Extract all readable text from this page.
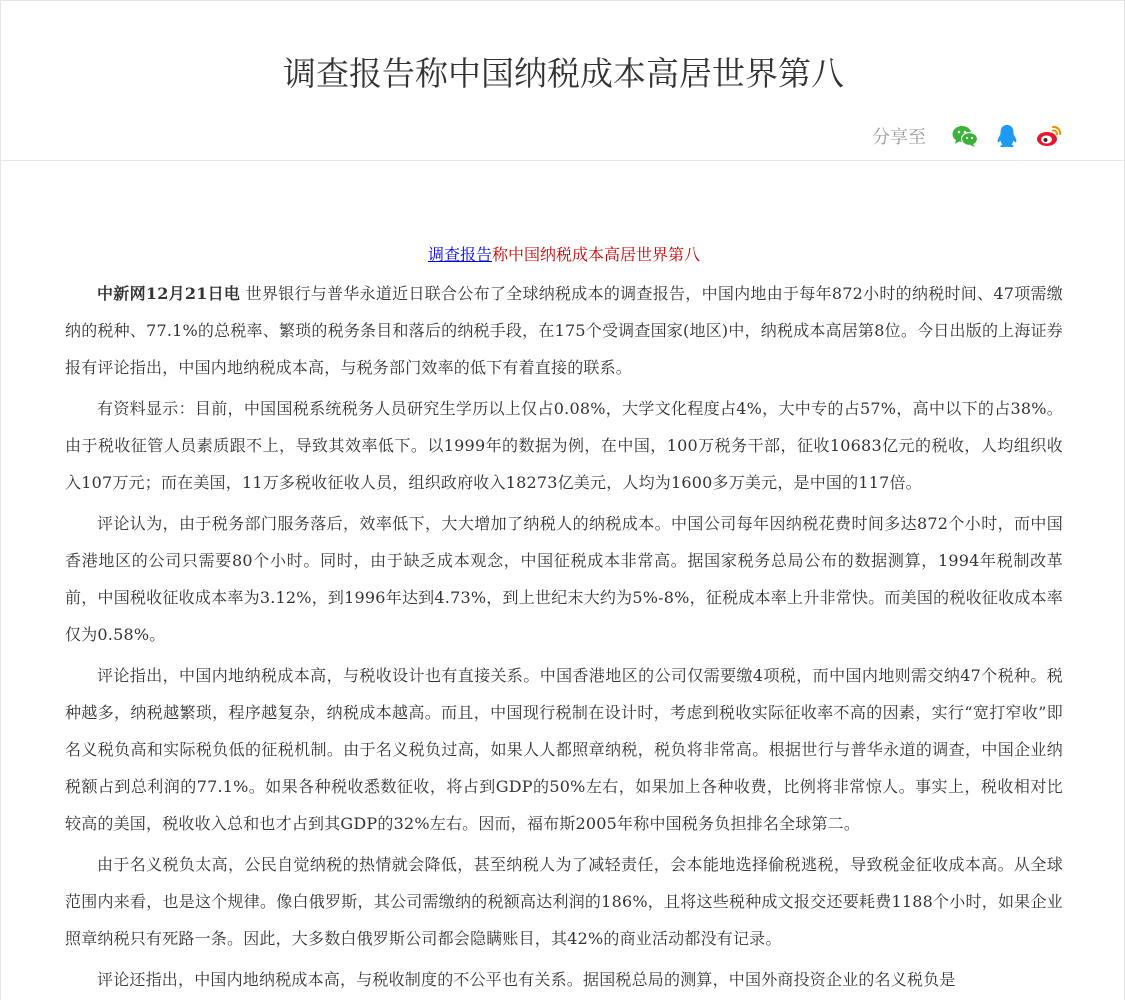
调查报告称中国纳税成本高居世界第八
分享至

调查报告称中国纳税成本高居世界第八

中新网12月21日电 世界银行与普华永道近日联合公布了全球纳税成本的调查报告，中国内地由于每年872小时的纳税时间、47项需缴纳的税种、77.1%的总税率、繁琐的税务条目和落后的纳税手段，在175个受调查国家(地区)中，纳税成本高居第8位。今日出版的上海证券报有评论指出，中国内地纳税成本高，与税务部门效率的低下有着直接的联系。

有资料显示：目前，中国国税系统税务人员研究生学历以上仅占0.08%，大学文化程度占4%，大中专的占57%，高中以下的占38%。由于税收征管人员素质跟不上，导致其效率低下。以1999年的数据为例，在中国，100万税务干部，征收10683亿元的税收，人均组织收入107万元；而在美国，11万多税收征收人员，组织政府收入18273亿美元，人均为1600多万美元，是中国的117倍。

评论认为，由于税务部门服务落后，效率低下，大大增加了纳税人的纳税成本。中国公司每年因纳税花费时间多达872个小时，而中国香港地区的公司只需要80个小时。同时，由于缺乏成本观念，中国征税成本非常高。据国家税务总局公布的数据测算，1994年税制改革前，中国税收征收成本率为3.12%，到1996年达到4.73%，到上世纪末大约为5%-8%，征税成本率上升非常快。而美国的税收征收成本率仅为0.58%。

评论指出，中国内地纳税成本高，与税收设计也有直接关系。中国香港地区的公司仅需要缴4项税，而中国内地则需交纳47个税种。税种越多，纳税越繁琐，程序越复杂，纳税成本越高。而且，中国现行税制在设计时，考虑到税收实际征收率不高的因素，实行“宽打窄收”即名义税负高和实际税负低的征税机制。由于名义税负过高，如果人人都照章纳税，税负将非常高。根据世行与普华永道的调查，中国企业纳税额占到总利润的77.1%。如果各种税收悉数征收，将占到GDP的50%左右，如果加上各种收费，比例将非常惊人。事实上，税收相对比较高的美国，税收收入总和也才占到其GDP的32%左右。因而，福布斯2005年称中国税务负担排名全球第二。

由于名义税负太高，公民自觉纳税的热情就会降低，甚至纳税人为了减轻责任，会本能地选择偷税逃税，导致税金征收成本高。从全球范围内来看，也是这个规律。像白俄罗斯，其公司需缴纳的税额高达利润的186%，且将这些税种成文报交还要耗费1188个小时，如果企业照章纳税只有死路一条。因此，大多数白俄罗斯公司都会隐瞒账目，其42%的商业活动都没有记录。

评论还指出，中国内地纳税成本高，与税收制度的不公平也有关系。据国税总局的测算，中国外商投资企业的名义税负是
